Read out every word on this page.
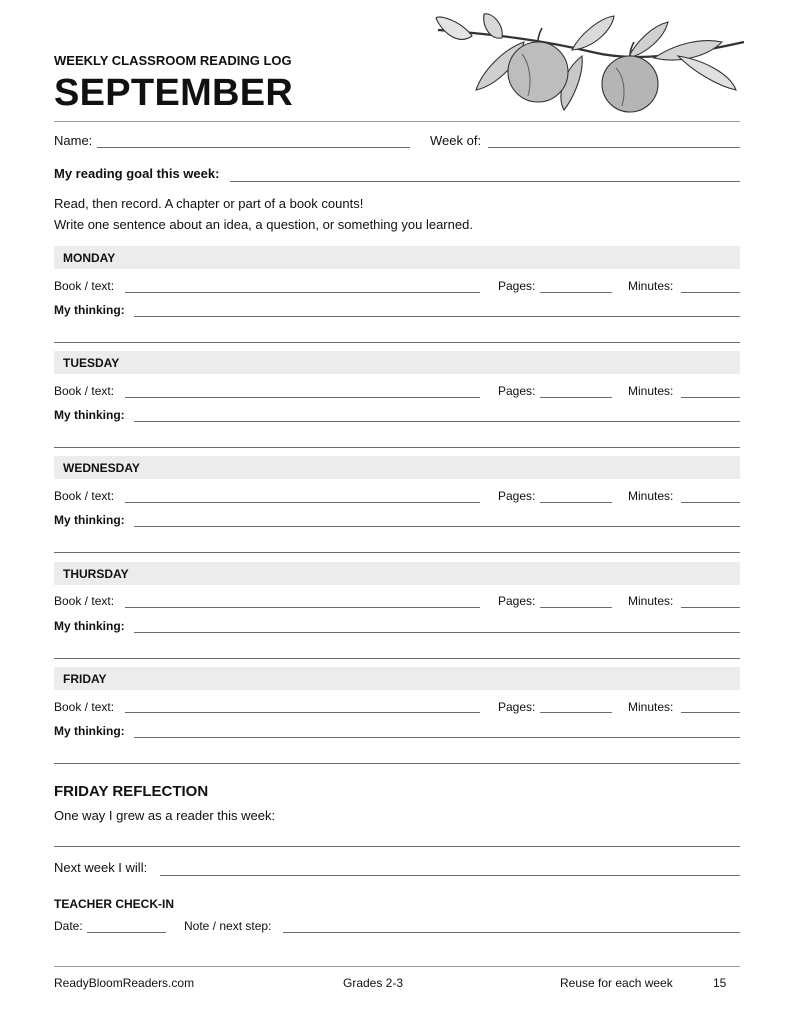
WEEKLY CLASSROOM READING LOG
SEPTEMBER
Name:	Week of:
My reading goal this week:
Read, then record. A chapter or part of a book counts!
Write one sentence about an idea, a question, or something you learned.
MONDAY
Book / text:	Pages:	Minutes:
My thinking:
TUESDAY
Book / text:	Pages:	Minutes:
My thinking:
WEDNESDAY
Book / text:	Pages:	Minutes:
My thinking:
THURSDAY
Book / text:	Pages:	Minutes:
My thinking:
FRIDAY
Book / text:	Pages:	Minutes:
My thinking:
FRIDAY REFLECTION
One way I grew as a reader this week:
Next week I will:
TEACHER CHECK-IN
Date:	Note / next step:
ReadyBloomReaders.com	Grades 2-3	Reuse for each week	15
